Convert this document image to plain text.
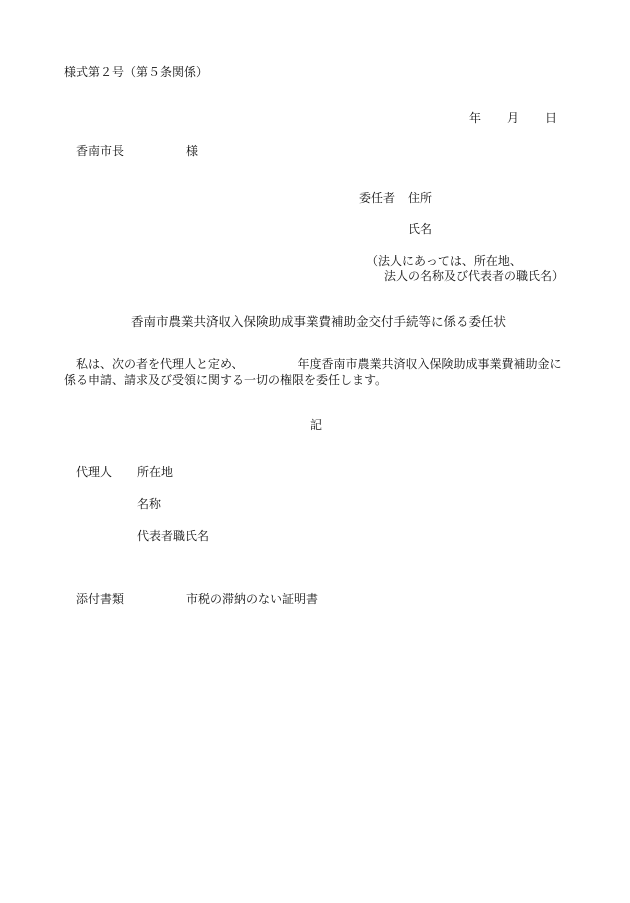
様式第２号（第５条関係）
年 月 日
香南市長	様
委任者 住所
氏名
（法人にあっては、所在地、
法人の名称及び代表者の職氏名）
香南市農業共済収入保険助成事業費補助金交付手続等に係る委任状
私は、次の者を代理人と定め、	年度香南市農業共済収入保険助成事業費補助金に
係る申請、請求及び受領に関する一切の権限を委任します。
記
代理人 所在地
名称
代表者職氏名
添付書類	市税の滞納のない証明書
